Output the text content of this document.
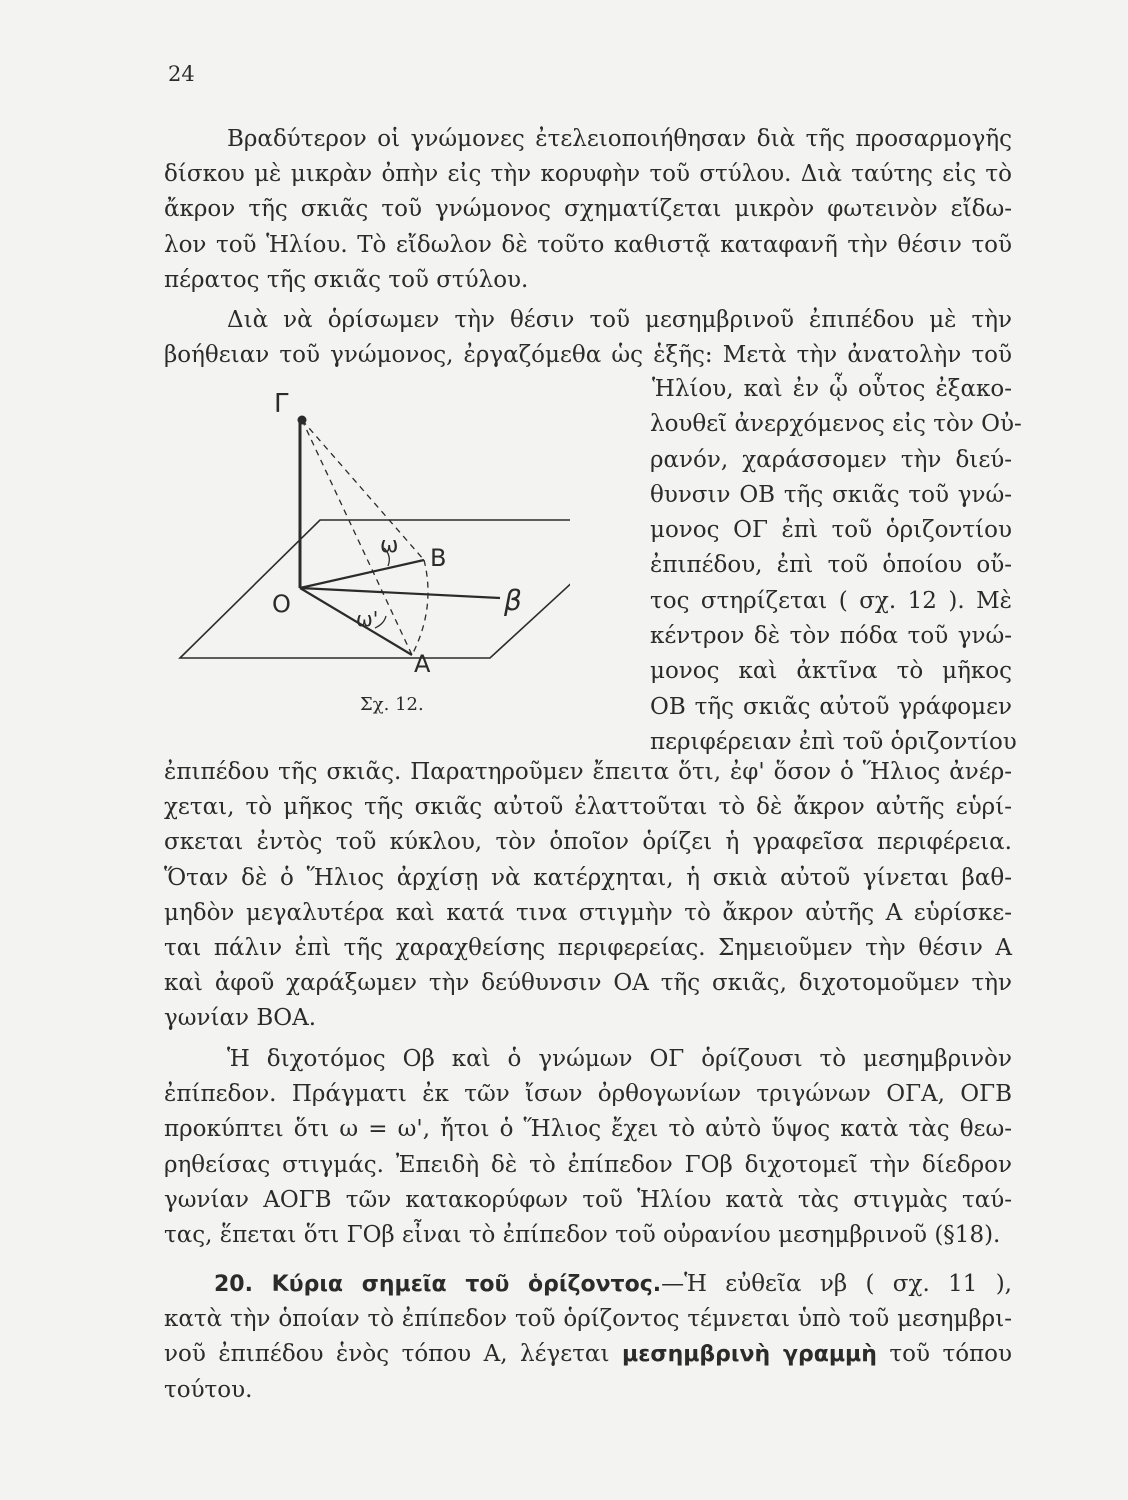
24
Βραδύτερον οἱ γνώμονες ἐτελειοποιήθησαν διὰ τῆς προσαρμογῆς
δίσκου μὲ μικρὰν ὀπὴν εἰς τὴν κορυφὴν τοῦ στύλου. Διὰ ταύτης εἰς τὸ
ἄκρον τῆς σκιᾶς τοῦ γνώμονος σχηματίζεται μικρὸν φωτεινὸν εἴδω-
λον τοῦ Ἡλίου. Τὸ εἴδωλον δὲ τοῦτο καθιστᾷ καταφανῆ τὴν θέσιν τοῦ
πέρατος τῆς σκιᾶς τοῦ στύλου.
Διὰ νὰ ὁρίσωμεν τὴν θέσιν τοῦ μεσημβρινοῦ ἐπιπέδου μὲ τὴν
βοήθειαν τοῦ γνώμονος, ἐργαζόμεθα ὡς ἑξῆς: Μετὰ τὴν ἀνατολὴν τοῦ
Ἡλίου, καὶ ἐν ᾧ οὗτος ἐξακο-
λουθεῖ ἀνερχόμενος εἰς τὸν Οὐ-
ρανόν, χαράσσομεν τὴν διεύ-
θυνσιν ΟΒ τῆς σκιᾶς τοῦ γνώ-
μονος ΟΓ ἐπὶ τοῦ ὁριζοντίου
ἐπιπέδου, ἐπὶ τοῦ ὁποίου οὔ-
τος στηρίζεται ( σχ. 12 ). Μὲ
κέντρον δὲ τὸν πόδα τοῦ γνώ-
μονος καὶ ἀκτῖνα τὸ μῆκος
ΟΒ τῆς σκιᾶς αὐτοῦ γράφομεν
περιφέρειαν ἐπὶ τοῦ ὁριζοντίου
Γ
Ο
Β
β
Α
ω
ω'
Σχ. 12.
ἐπιπέδου τῆς σκιᾶς. Παρατηροῦμεν ἔπειτα ὅτι, ἐφ' ὅσον ὁ Ἥλιος ἀνέρ-
χεται, τὸ μῆκος τῆς σκιᾶς αὐτοῦ ἐλαττοῦται τὸ δὲ ἄκρον αὐτῆς εὑρί-
σκεται ἐντὸς τοῦ κύκλου, τὸν ὁποῖον ὁρίζει ἡ γραφεῖσα περιφέρεια.
Ὅταν δὲ ὁ Ἥλιος ἀρχίσῃ νὰ κατέρχηται, ἡ σκιὰ αὐτοῦ γίνεται βαθ-
μηδὸν μεγαλυτέρα καὶ κατά τινα στιγμὴν τὸ ἄκρον αὐτῆς Α εὑρίσκε-
ται πάλιν ἐπὶ τῆς χαραχθείσης περιφερείας. Σημειοῦμεν τὴν θέσιν Α
καὶ ἀφοῦ χαράξωμεν τὴν δεύθυνσιν ΟΑ τῆς σκιᾶς, διχοτομοῦμεν τὴν
γωνίαν ΒΟΑ.
Ἡ διχοτόμος Οβ καὶ ὁ γνώμων ΟΓ ὁρίζουσι τὸ μεσημβρινὸν
ἐπίπεδον. Πράγματι ἐκ τῶν ἴσων ὀρθογωνίων τριγώνων ΟΓΑ, ΟΓΒ
προκύπτει ὅτι ω = ω', ἤτοι ὁ Ἥλιος ἔχει τὸ αὐτὸ ὕψος κατὰ τὰς θεω-
ρηθείσας στιγμάς. Ἐπειδὴ δὲ τὸ ἐπίπεδον ΓΟβ διχοτομεῖ τὴν δίεδρον
γωνίαν ΑΟΓΒ τῶν κατακορύφων τοῦ Ἡλίου κατὰ τὰς στιγμὰς ταύ-
τας, ἕπεται ὅτι ΓΟβ εἶναι τὸ ἐπίπεδον τοῦ οὐρανίου μεσημβρινοῦ (§18).
20. Κύρια σημεῖα τοῦ ὁρίζοντος.—Ἡ εὐθεῖα νβ ( σχ. 11 ),
κατὰ τὴν ὁποίαν τὸ ἐπίπεδον τοῦ ὁρίζοντος τέμνεται ὑπὸ τοῦ μεσημβρι-
νοῦ ἐπιπέδου ἑνὸς τόπου Α, λέγεται μεσημβρινὴ γραμμὴ τοῦ τόπου
τούτου.
